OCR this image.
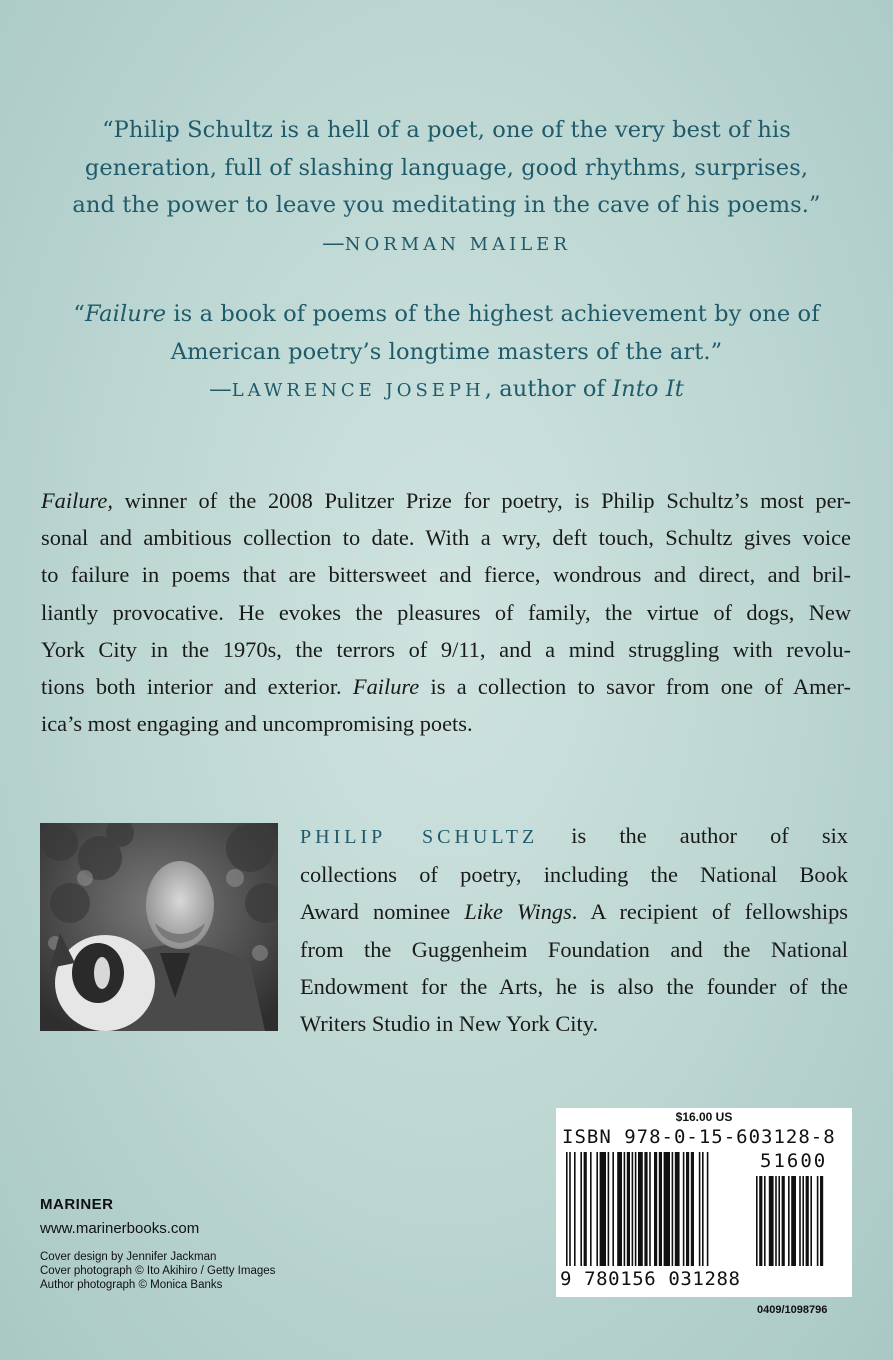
“Philip Schultz is a hell of a poet, one of the very best of his
generation, full of slashing language, good rhythms, surprises,
and the power to leave you meditating in the cave of his poems.”
—NORMAN MAILER
“Failure is a book of poems of the highest achievement by one of
American poetry’s longtime masters of the art.”
—LAWRENCE JOSEPH, author of Into It
Failure, winner of the 2008 Pulitzer Prize for poetry, is Philip Schultz’s most per-
sonal and ambitious collection to date. With a wry, deft touch, Schultz gives voice
to failure in poems that are bittersweet and fierce, wondrous and direct, and bril-
liantly provocative. He evokes the pleasures of family, the virtue of dogs, New
York City in the 1970s, the terrors of 9/11, and a mind struggling with revolu-
tions both interior and exterior. Failure is a collection to savor from one of Amer-
ica’s most engaging and uncompromising poets.
PHILIP SCHULTZ is the author of six
collections of poetry, including the National Book
Award nominee Like Wings. A recipient of fellowships
from the Guggenheim Foundation and the National
Endowment for the Arts, he is also the founder of the
Writers Studio in New York City.
MARINER
www.marinerbooks.com
Cover design by Jennifer Jackman
Cover photograph © Ito Akihiro / Getty Images
Author photograph © Monica Banks
$16.00 US
ISBN 978-0-15-603128-8
51600
9 780156 031288
0409/1098796
